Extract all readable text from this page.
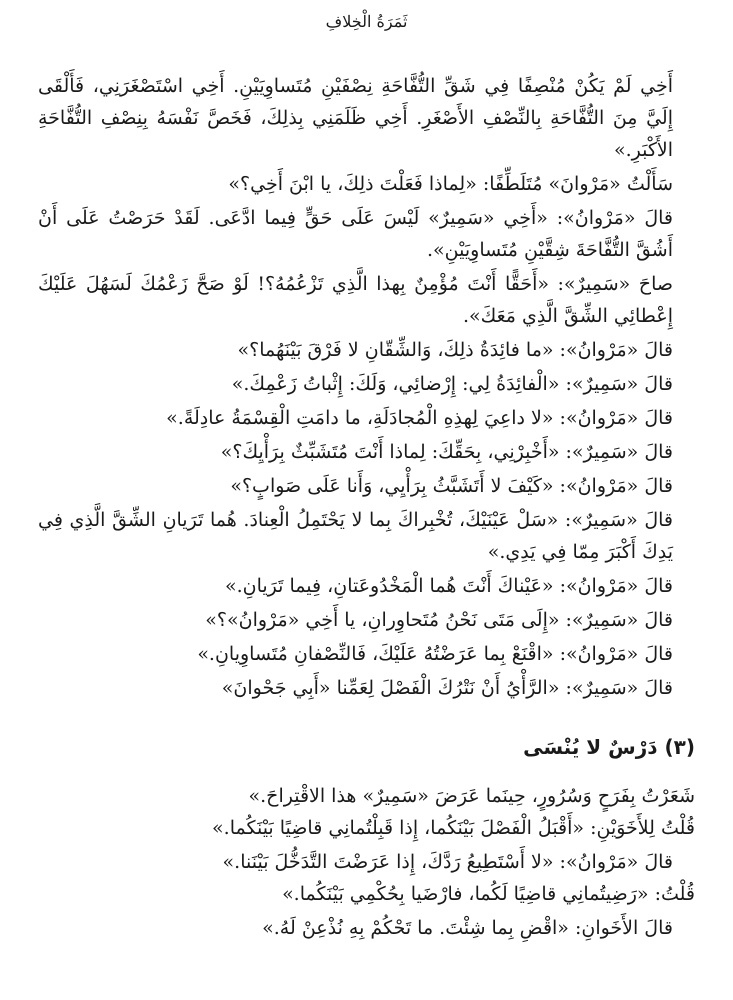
ثَمَرَةُ الْخِلافِ

أَخِي لَمْ يَكُنْ مُنْصِفًا فِي شَقِّ التُّفَّاحَةِ نِصْفَيْنِ مُتَساوِيَيْنِ. أَخِي اسْتَصْغَرَنِي، فَأَلْقَى إِلَيَّ مِنَ التُّفَّاحَةِ بِالنِّصْفِ الأَصْغَرِ. أَخِي ظَلَمَنِي بِذلِكَ، فَخَصَّ نَفْسَهُ بِنِصْفِ التُّفَّاحَةِ الأَكْبَرِ.»

سَأَلْتُ «مَرْوانَ» مُتَلَطِّفًا: «لِماذا فَعَلْتَ ذلِكَ، يا ابْنَ أَخِي؟»

قالَ «مَرْوانُ»: «أَخِي «سَمِيرٌ» لَيْسَ عَلَى حَقٍّ فِيما ادَّعَى. لَقَدْ حَرَصْتُ عَلَى أَنْ أَشُقَّ التُّفَّاحَةَ شِقَّيْنِ مُتَساوِيَيْنِ».

صاحَ «سَمِيرٌ»: «أَحَقًّا أَنْتَ مُؤْمِنٌ بِهذا الَّذِي تَزْعُمُهُ؟! لَوْ صَحَّ زَعْمُكَ لَسَهُلَ عَلَيْكَ إِعْطائِي الشِّقَّ الَّذِي مَعَكَ».

قالَ «مَرْوانُ»: «ما فائِدَةُ ذلِكَ، وَالشِّقّانِ لا فَرْقَ بَيْنَهُما؟»

قالَ «سَمِيرٌ»: «الْفائِدَةُ لِي: إِرْضائِي، وَلَكَ: إِثْباتُ زَعْمِكَ.»

قالَ «مَرْوانُ»: «لا داعِيَ لِهذِهِ الْمُجادَلَةِ، ما دامَتِ الْقِسْمَةُ عادِلَةً.»

قالَ «سَمِيرٌ»: «أَخْبِرْنِي، بِحَقِّكَ: لِماذا أَنْتَ مُتَشَبِّثٌ بِرَأْيِكَ؟»

قالَ «مَرْوانُ»: «كَيْفَ لا أَتَشَبَّثُ بِرَأْيِي، وَأَنا عَلَى صَوابٍ؟»

قالَ «سَمِيرٌ»: «سَلْ عَيْنَيْكَ، تُخْبِراكَ بِما لا يَحْتَمِلُ الْعِنادَ. هُما تَرَيانِ الشِّقَّ الَّذِي فِي يَدِكَ أَكْبَرَ مِمّا فِي يَدِي.»

قالَ «مَرْوانُ»: «عَيْناكَ أَنْتَ هُما الْمَخْدُوعَتانِ، فِيما تَرَيانِ.»

قالَ «سَمِيرٌ»: «إِلَى مَتَى نَحْنُ مُتَحاوِرانِ، يا أَخِي «مَرْوانُ»؟»

قالَ «مَرْوانُ»: «اقْنَعْ بِما عَرَضْتُهُ عَلَيْكَ، فَالنِّصْفانِ مُتَساوِيانِ.»

قالَ «سَمِيرٌ»: «الرَّأْيُ أَنْ نَتْرُكَ الْفَصْلَ لِعَمِّنا «أَبِي جَحْوانَ»

(٣) دَرْسٌ لا يُنْسَى

شَعَرْتُ بِفَرَحٍ وَسُرُورٍ، حِينَما عَرَضَ «سَمِيرٌ» هذا الاقْتِراحَ.»

قُلْتُ لِلأَخَوَيْنِ: «أَقْبَلُ الْفَصْلَ بَيْنَكُما، إِذا قَبِلْتُمانِي قاضِيًا بَيْنَكُما.»

قالَ «مَرْوانُ»: «لا أَسْتَطِيعُ رَدَّكَ، إِذا عَرَضْتَ التَّدَخُّلَ بَيْنَنا.»

قُلْتُ: «رَضِيتُمانِي قاضِيًا لَكُما، فارْضَيا بِحُكْمِي بَيْنَكُما.»

قالَ الأَخَوانِ: «اقْضِ بِما شِئْتَ. ما تَحْكُمْ بِهِ نُذْعِنْ لَهُ.»
